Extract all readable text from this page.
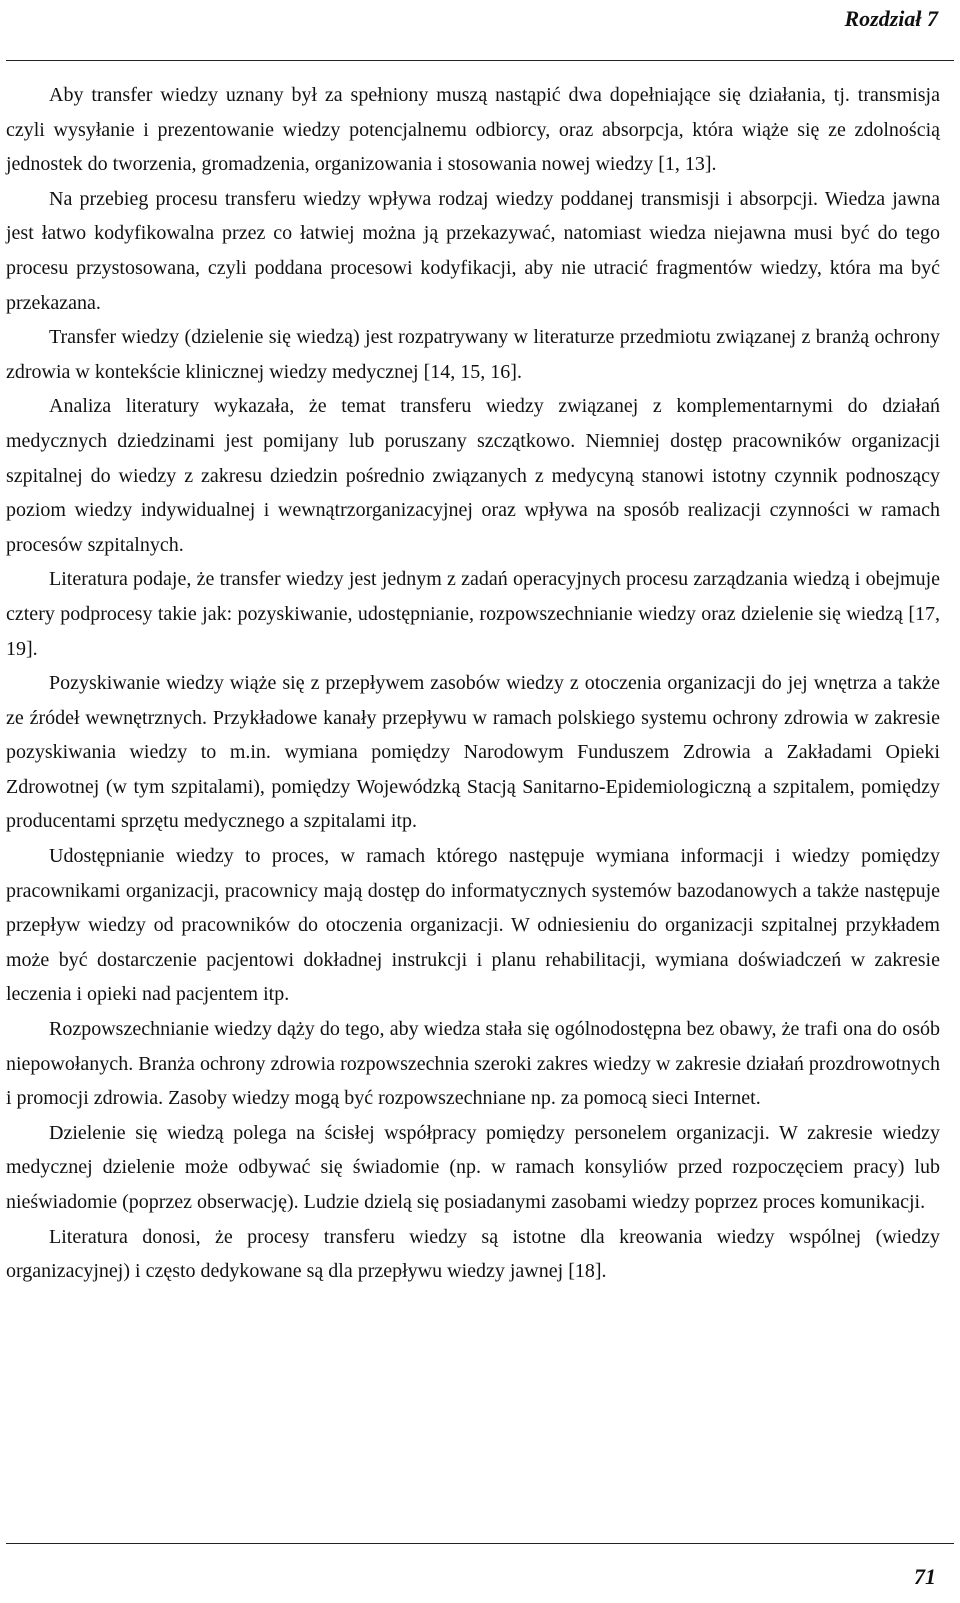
Rozdział 7

Aby transfer wiedzy uznany był za spełniony muszą nastąpić dwa dopełniające się działania, tj. transmisja czyli wysyłanie i prezentowanie wiedzy potencjalnemu odbiorcy, oraz absorpcja, która wiąże się ze zdolnością jednostek do tworzenia, gromadzenia, organizowania i stosowania nowej wiedzy [1, 13].

Na przebieg procesu transferu wiedzy wpływa rodzaj wiedzy poddanej transmisji i absorpcji. Wiedza jawna jest łatwo kodyfikowalna przez co łatwiej można ją przekazywać, natomiast wiedza niejawna musi być do tego procesu przystosowana, czyli poddana procesowi kodyfikacji, aby nie utracić fragmentów wiedzy, która ma być przekazana.

Transfer wiedzy (dzielenie się wiedzą) jest rozpatrywany w literaturze przedmiotu związanej z branżą ochrony zdrowia w kontekście klinicznej wiedzy medycznej [14, 15, 16].

Analiza literatury wykazała, że temat transferu wiedzy związanej z komplementarnymi do działań medycznych dziedzinami jest pomijany lub poruszany szczątkowo. Niemniej dostęp pracowników organizacji szpitalnej do wiedzy z zakresu dziedzin pośrednio związanych z medycyną stanowi istotny czynnik podnoszący poziom wiedzy indywidualnej i wewnątrzorganizacyjnej oraz wpływa na sposób realizacji czynności w ramach procesów szpitalnych.

Literatura podaje, że transfer wiedzy jest jednym z zadań operacyjnych procesu zarządzania wiedzą i obejmuje cztery podprocesy takie jak: pozyskiwanie, udostępnianie, rozpowszechnianie wiedzy oraz dzielenie się wiedzą [17, 19].

Pozyskiwanie wiedzy wiąże się z przepływem zasobów wiedzy z otoczenia organizacji do jej wnętrza a także ze źródeł wewnętrznych. Przykładowe kanały przepływu w ramach polskiego systemu ochrony zdrowia w zakresie pozyskiwania wiedzy to m.in. wymiana pomiędzy Narodowym Funduszem Zdrowia a Zakładami Opieki Zdrowotnej (w tym szpitalami), pomiędzy Wojewódzką Stacją Sanitarno-Epidemiologiczną a szpitalem, pomiędzy producentami sprzętu medycznego a szpitalami itp.

Udostępnianie wiedzy to proces, w ramach którego następuje wymiana informacji i wiedzy pomiędzy pracownikami organizacji, pracownicy mają dostęp do informatycznych systemów bazodanowych a także następuje przepływ wiedzy od pracowników do otoczenia organizacji. W odniesieniu do organizacji szpitalnej przykładem może być dostarczenie pacjentowi dokładnej instrukcji i planu rehabilitacji, wymiana doświadczeń w zakresie leczenia i opieki nad pacjentem itp.

Rozpowszechnianie wiedzy dąży do tego, aby wiedza stała się ogólnodostępna bez obawy, że trafi ona do osób niepowołanych. Branża ochrony zdrowia rozpowszechnia szeroki zakres wiedzy w zakresie działań prozdrowotnych i promocji zdrowia. Zasoby wiedzy mogą być rozpowszechniane np. za pomocą sieci Internet.

Dzielenie się wiedzą polega na ścisłej współpracy pomiędzy personelem organizacji. W zakresie wiedzy medycznej dzielenie może odbywać się świadomie (np. w ramach konsyliów przed rozpoczęciem pracy) lub nieświadomie (poprzez obserwację). Ludzie dzielą się posiadanymi zasobami wiedzy poprzez proces komunikacji.

Literatura donosi, że procesy transferu wiedzy są istotne dla kreowania wiedzy wspólnej (wiedzy organizacyjnej) i często dedykowane są dla przepływu wiedzy jawnej [18].

71
